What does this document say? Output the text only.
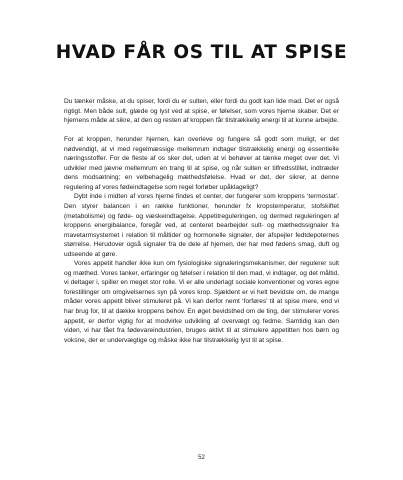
HVAD FÅR OS TIL AT SPISE

Du tænker måske, at du spiser, fordi du er sulten, eller fordi du godt kan lide mad. Det er også rigtigt. Men både sult, glæde og lyst ved at spise, er følelser, som vores hjerne skaber. Det er hjernens måde at sikre, at den og resten af kroppen får tilstrækkelig energi til at kunne arbejde.

For at kroppen, herunder hjernen, kan overleve og fungere så godt som muligt, er det nødvendigt, at vi med regelmæssige mellemrum indtager tilstrækkelig energi og essentielle næringsstoffer. For de fleste af os sker det, uden at vi behøver at tænke meget over det. Vi udvikler med jævne mellemrum en trang til at spise, og når sulten er tilfredsstillet, indtræder dens modsætning; en velbehagelig mæthedsfølelse. Hvad er det, der sikrer, at denne regulering af vores fødeindtagelse som regel forløber upåklageligt?

Dybt inde i midten af vores hjerne findes et center, der fungerer som kroppens ‘termostat’. Den styrer balancen i en række funktioner, herunder fx kropstemperatur, stofskiftet (metabolisme) og føde- og væskeindtagelse. Appetitreguleringen, og dermed reguleringen af kroppens energibalance, foregår ved, at centeret bearbejder sult- og mæthedssignaler fra mavetarmsystemet i relation til måltider og hormonelle signaler, der afspejler fedtdepoternes størrelse. Herudover også signaler fra de dele af hjernen, der har med fødens smag, duft og udseende at gøre.

Vores appetit handler ikke kun om fysiologiske signaleringsmekanismer, der regulerer sult og mæthed. Vores tanker, erfaringer og følelser i relation til den mad, vi indtager, og det måltid, vi deltager i, spiller en meget stor rolle. Vi er alle underlagt sociale konventioner og vores egne forestillinger om omgivelsernes syn på vores krop. Sjældent er vi helt bevidste om, de mange måder vores appetit bliver stimuleret på. Vi kan derfor nemt ‘forføres’ til at spise mere, end vi har brug for, til at dække kroppens behov. En øget bevidsthed om de ting, der stimulerer vores appetit, er derfor vigtig for at modvirke udvikling af overvægt og fedme. Samtidig kan den viden, vi har fået fra fødevareindustrien, bruges aktivt til at stimulere appetitten hos børn og voksne, der er undervægtige og måske ikke har tilstrækkelig lyst til at spise.

52
